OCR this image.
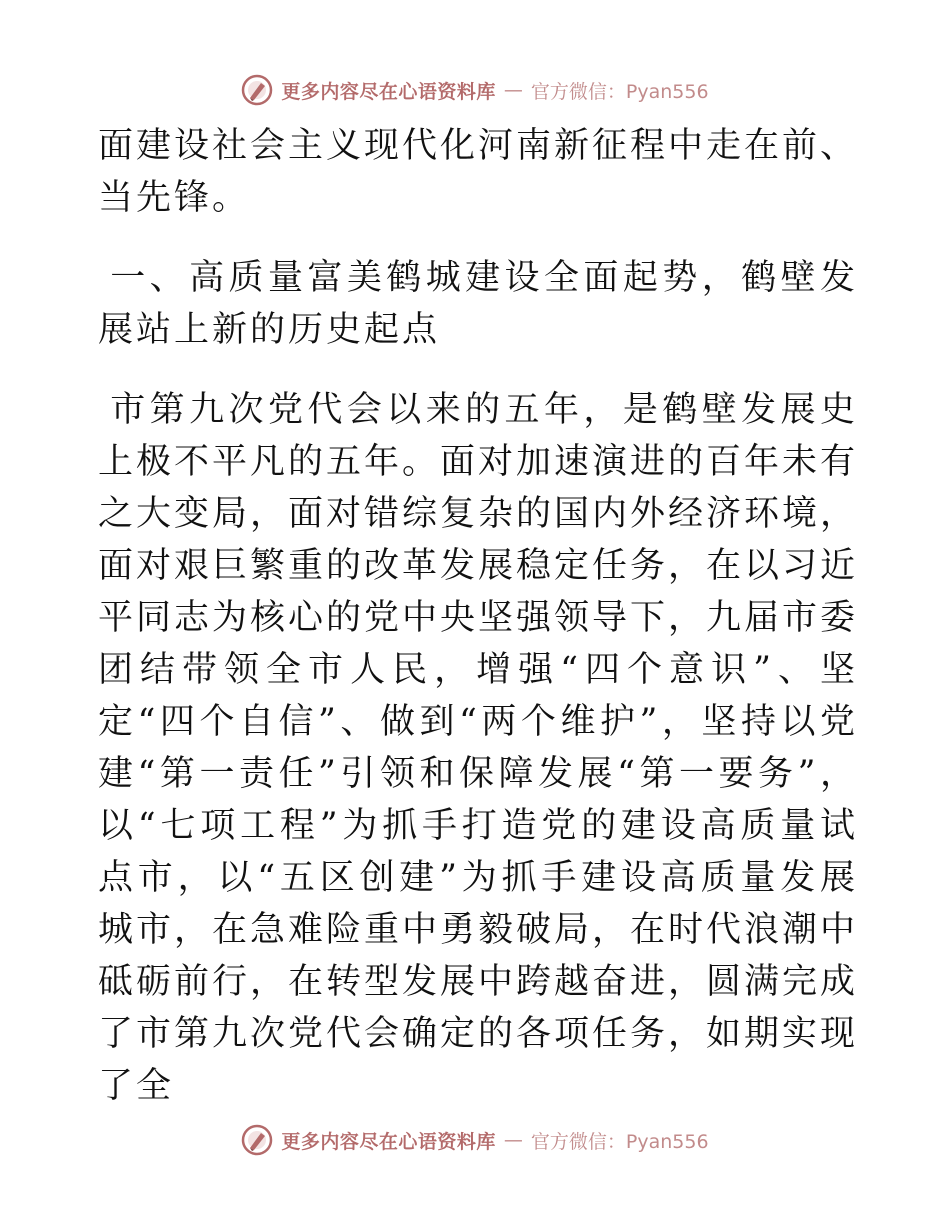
更多内容尽在心语资料库 — 官方微信：Pyan556

面建设社会主义现代化河南新征程中走在前、当先锋。

一、高质量富美鹤城建设全面起势，鹤壁发展站上新的历史起点

市第九次党代会以来的五年，是鹤壁发展史上极不平凡的五年。面对加速演进的百年未有之大变局，面对错综复杂的国内外经济环境，面对艰巨繁重的改革发展稳定任务，在以习近平同志为核心的党中央坚强领导下，九届市委团结带领全市人民，增强“四个意识”、坚定“四个自信”、做到“两个维护”，坚持以党建“第一责任”引领和保障发展“第一要务”，以“七项工程”为抓手打造党的建设高质量试点市，以“五区创建”为抓手建设高质量发展城市，在急难险重中勇毅破局，在时代浪潮中砥砺前行，在转型发展中跨越奋进，圆满完成了市第九次党代会确定的各项任务，如期实现了全

更多内容尽在心语资料库 — 官方微信：Pyan556
